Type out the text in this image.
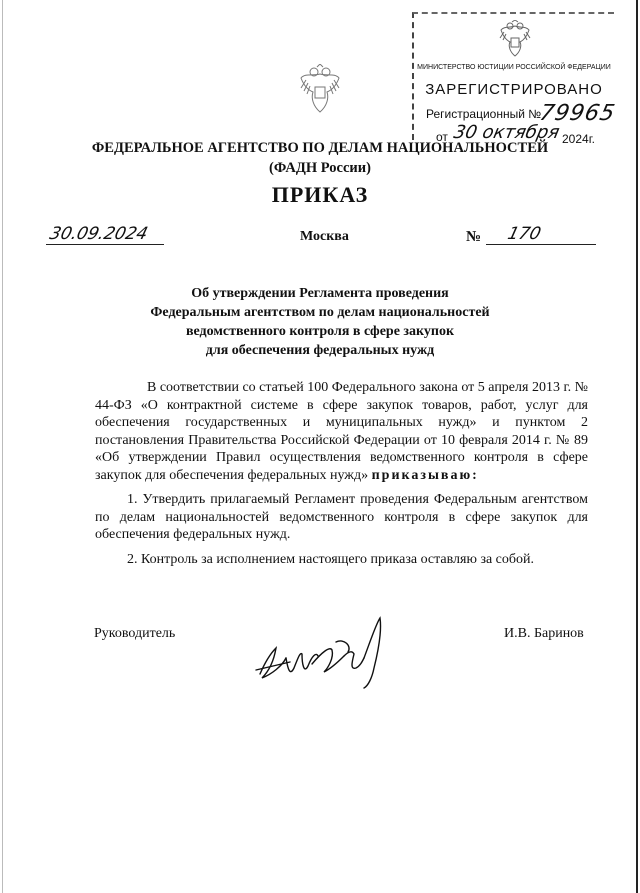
МИНИСТЕРСТВО ЮСТИЦИИ РОССИЙСКОЙ ФЕДЕРАЦИИ
ЗАРЕГИСТРИРОВАНО
Регистрационный №
79965
от 30 октября 2024г.
ФЕДЕРАЛЬНОЕ АГЕНТСТВО ПО ДЕЛАМ НАЦИОНАЛЬНОСТЕЙ
(ФАДН России)
ПРИКАЗ
30.09.2024	Москва	№ 170
Об утверждении Регламента проведения
Федеральным агентством по делам национальностей
ведомственного контроля в сфере закупок
для обеспечения федеральных нужд
В соответствии со статьей 100 Федерального закона от 5 апреля 2013 г. № 44-ФЗ «О контрактной системе в сфере закупок товаров, работ, услуг для обеспечения государственных и муниципальных нужд» и пунктом 2 постановления Правительства Российской Федерации от 10 февраля 2014 г. № 89 «Об утверждении Правил осуществления ведомственного контроля в сфере закупок для обеспечения федеральных нужд» приказываю:
1. Утвердить прилагаемый Регламент проведения Федеральным агентством по делам национальностей ведомственного контроля в сфере закупок для обеспечения федеральных нужд.
2. Контроль за исполнением настоящего приказа оставляю за собой.
Руководитель	И.В. Баринов
